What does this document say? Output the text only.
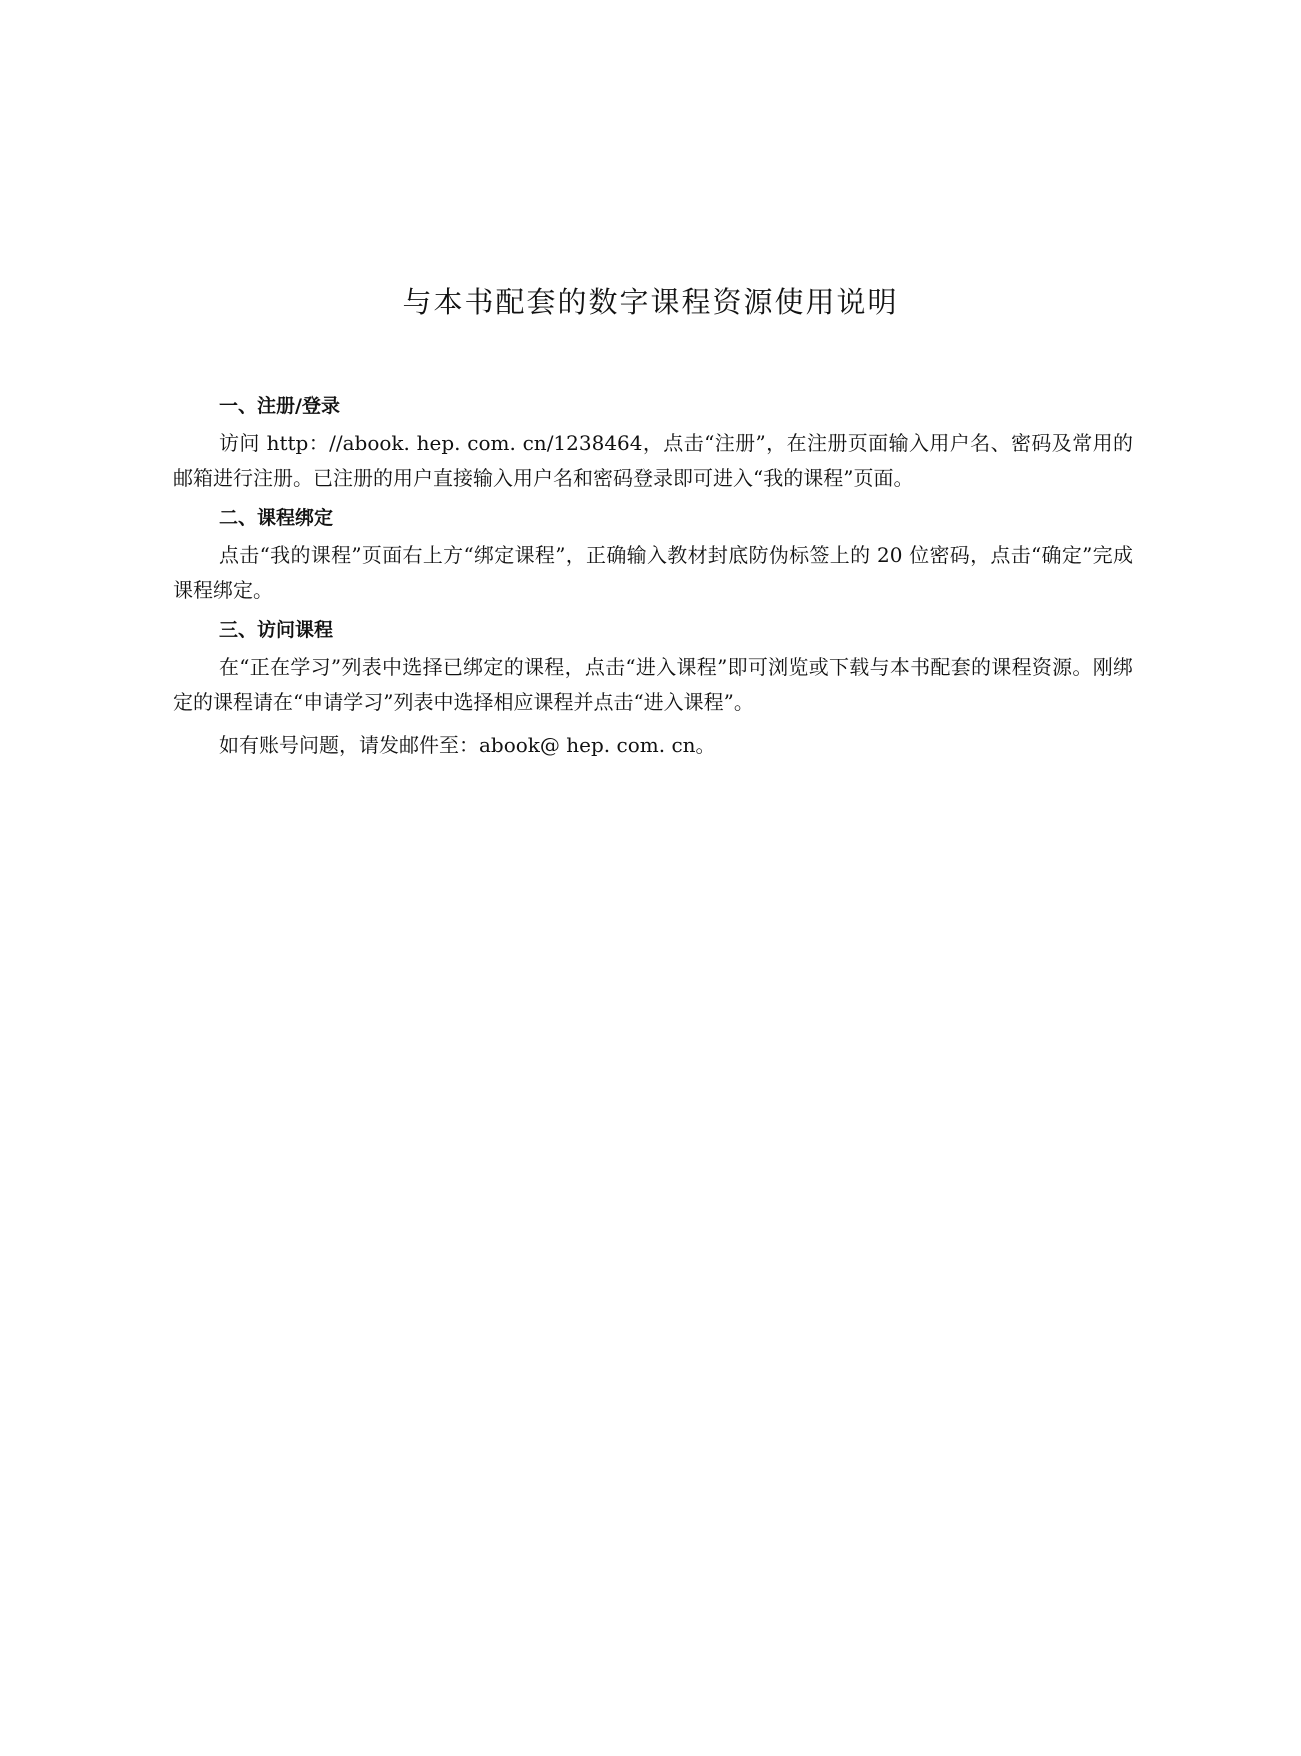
与本书配套的数字课程资源使用说明

一、注册/登录

访问 http：//abook. hep. com. cn/1238464，点击“注册”，在注册页面输入用户名、密码及常用的邮箱进行注册。已注册的用户直接输入用户名和密码登录即可进入“我的课程”页面。

二、课程绑定

点击“我的课程”页面右上方“绑定课程”，正确输入教材封底防伪标签上的 20 位密码，点击“确定”完成课程绑定。

三、访问课程

在“正在学习”列表中选择已绑定的课程，点击“进入课程”即可浏览或下载与本书配套的课程资源。刚绑定的课程请在“申请学习”列表中选择相应课程并点击“进入课程”。

如有账号问题，请发邮件至：abook@ hep. com. cn。
